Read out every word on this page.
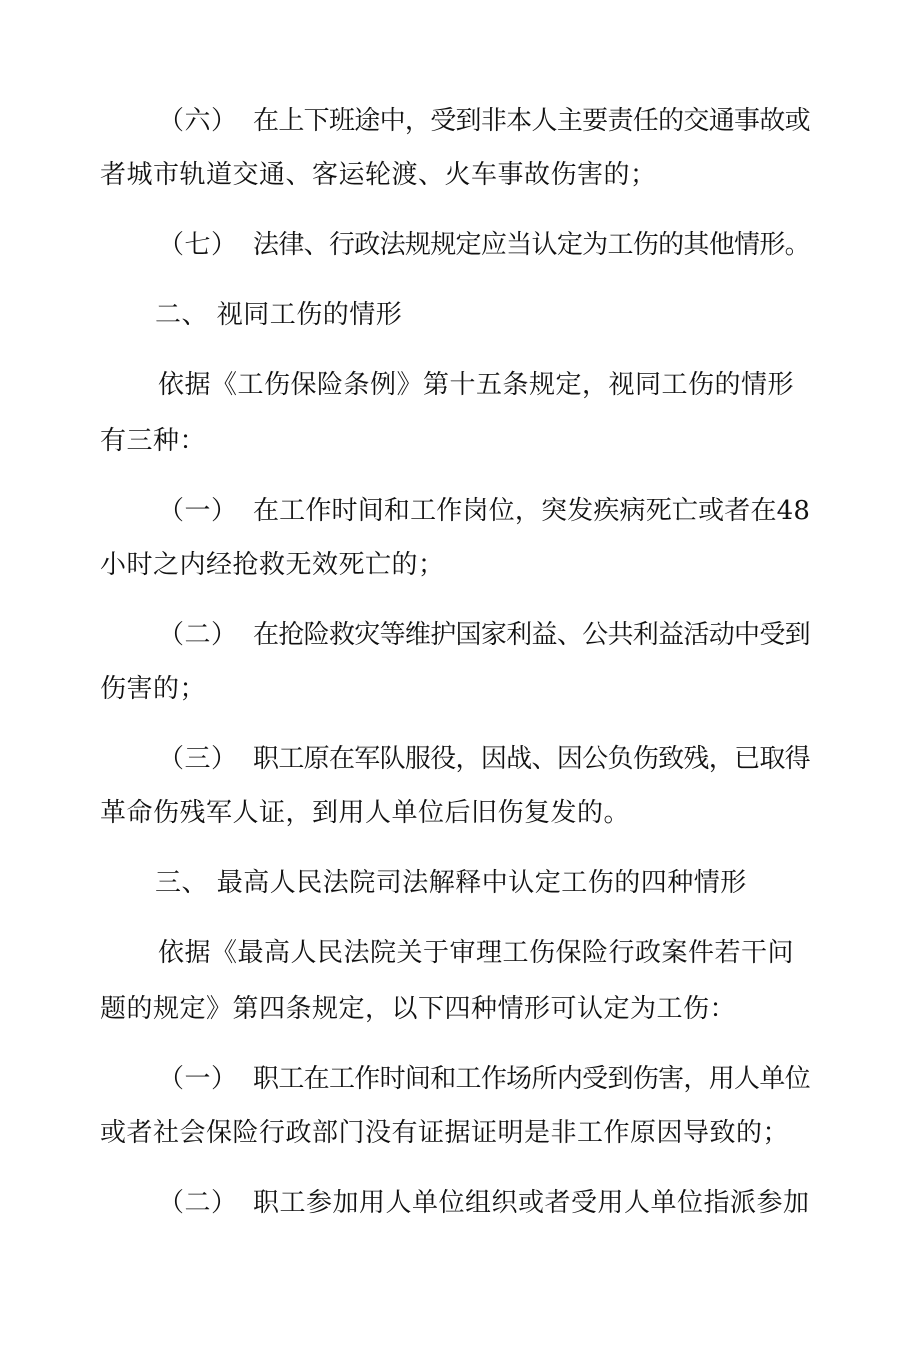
（六） 在上下班途中，受到非本人主要责任的交通事故或
者城市轨道交通、客运轮渡、火车事故伤害的；
（七） 法律、行政法规规定应当认定为工伤的其他情形。
二、 视同工伤的情形
依据《工伤保险条例》第十五条规定，视同工伤的情形
有三种：
（一） 在工作时间和工作岗位，突发疾病死亡或者在48
小时之内经抢救无效死亡的；
（二） 在抢险救灾等维护国家利益、公共利益活动中受到
伤害的；
（三） 职工原在军队服役，因战、因公负伤致残，已取得
革命伤残军人证，到用人单位后旧伤复发的。
三、 最高人民法院司法解释中认定工伤的四种情形
依据《最高人民法院关于审理工伤保险行政案件若干问
题的规定》第四条规定，以下四种情形可认定为工伤：
（一） 职工在工作时间和工作场所内受到伤害，用人单位
或者社会保险行政部门没有证据证明是非工作原因导致的；
（二） 职工参加用人单位组织或者受用人单位指派参加
